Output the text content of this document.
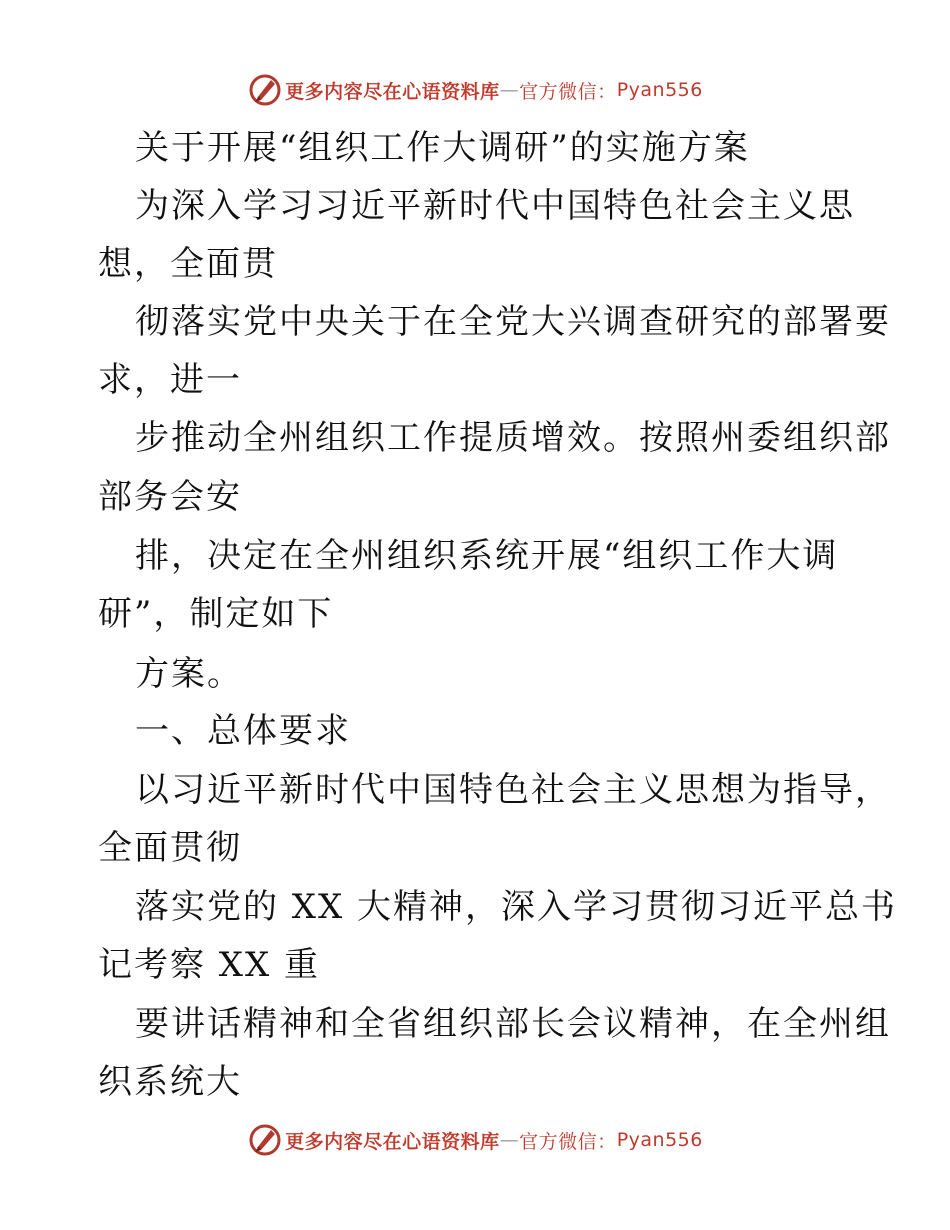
更多内容尽在心语资料库 — 官方微信： Pyan556
关于开展“组织工作大调研”的实施方案
为深入学习习近平新时代中国特色社会主义思
想，全面贯
彻落实党中央关于在全党大兴调查研究的部署要
求，进一
步推动全州组织工作提质增效。按照州委组织部
部务会安
排，决定在全州组织系统开展“组织工作大调
研”，制定如下
方案。
一、总体要求
以习近平新时代中国特色社会主义思想为指导，
全面贯彻
落实党的 XX 大精神，深入学习贯彻习近平总书
记考察 XX 重
要讲话精神和全省组织部长会议精神，在全州组
织系统大
更多内容尽在心语资料库 — 官方微信： Pyan556
